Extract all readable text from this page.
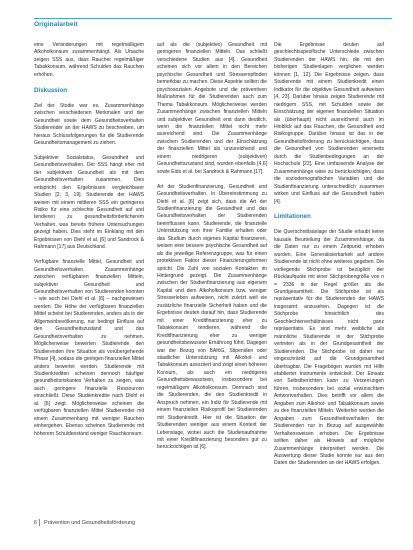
Originalarbeit

eine Veränderungen mit regelmäßigem Alkoholkonsum zusammenhängt. Als Ursache zeigen SSS aus, dass Raucher regelmäßiger Tabakkonsum, während Schulden das Rauchen erhöhen.

Diskussion

Ziel der Studie war es, Zusammenhänge zwischen verschiedenen Merkmalen und der Gesundheit sowie dem Gesundheitsverhalten Studierender an der HAWS zu beschreiben, um hieraus Schlussfolgerungen für die Studierende Gesundheitsmanagement zu ziehen.

Subjektiver Sozialstatus, Gesundheit und Gesundheitsverhalten. Der SSS hängt eher mit der subjektiven Gesundheit als mit dem Gesundheitsverhalten zusammen. Dies entspricht den Ergebnissen vergleichbarer Studien [2, 3, 19]. Studierende der HAWS weisen mit einem mittleren SSS ein geringeres Risiko für eine schlechte Gesundheit auf und tendieren zu gesundheitsförderlicherem Verhalten, was bereits frühere Untersuchungen gezeigt haben. Dies steht im Einklang mit den Ergebnissen von Diehl et al. [6] und Sandrock & Rahmann [17] aus Deutschland.

Verfügbare finanzielle Mittel, Gesundheit und Gesundheitsverhalten. Zusammenhänge zwischen verfügbaren finanziellen Mitteln, subjektiver Gesundheit und Gesundheitsverhalten von Studierenden konnten – wie auch bei Diehl et al. [6] – nachgewiesen werden. Die Höhe der verfügbaren finanziellen Mittel scheint bei Studierenden, anders als in der Allgemeinbevölkerung, nur bedingt Einfluss auf den Gesundheitszustand und das Gesundheitsverhalten zu nehmen. Möglicherweise bewerten Studierende den Studierenden ihre Situation als vorübergehende Phase [4], sodass die geringen finanziellen Mittel anders bewertet werden. Studierende mit Studienkrediten scheinen dennoch häufiger gesundheitsriskantes Verhalten zu zeigen, was auch geringere finanzielle Ressourcen einschließt. Diese Studienkredite nach Diehl et al. [6] zeigt. Möglicherweise scheinen die verfügbaren finanziellen Mittel Studierender mit einem Zusammenhang mit weniger Rauchen einhergehen. Ebenso scheinen Studierende mit höherem Schuldenstand weniger Rauchkonsum.

auf als die (subjektive) Gesundheit mit geringeren finanziellen Mitteln. Das schließt verschiedene Studien aus [4]. Gesundheit scheinen sich vor allem in den Bereichen psychische Gesundheit und Stressempfinden bemerkbar zu machen. Diese Aspekte sollten die psychosozialen Angebote und die präventiven Maßnahmen für die Studierenden auch zum Thema Tabakkonsum. Möglicherweise werden Zusammenhänge zwischen finanziellen Mitteln und subjektiver Gesundheit erst dann deutlich, wenn die finanziellen Mittel nicht mehr ausreichend sind. Die Zusammenhänge zwischen Studierenden und der Einschätzung der finanziellen Mittel als unzureichend und einem niedrigeren (subjektiven) Gesundheitszustand sind, wurden ebenfalls [4,6] sowie Eids et al. bei Sandrock & Rahmann [17].

Art der Studienfinanzierung, Gesundheit und Gesundheitsverhalten. In Übereinstimmung zu Diehl et al. [6] zeigt sich, dass die Art der Studienfinanzierung die Gesundheit und das Gesundheitsverhalten der Studierenden beeinflussen kann. Studierende, die finanzielle Unterstützung von ihrer Familie erhalten oder das Studium durch eigenes Kapital finanzieren, weisen eine bessere psychische Gesundheit auf als die jeweilige Referenzgruppe, was für einen protektiven Faktor dieser Finanzierungsformen spricht. Die Zahl von sozialen Kontakten im Hintergrund gezeigt. Die Zusammenhänge zwischen der Studienfinanzierung aus eigenem Kapital und dem Alkoholkonsum bzw. weniger Stresserleben aufweisen, nicht zuletzt weil sie zusätzliche finanzielle Sicherheit haben und die Ergebnisse deuten darauf hin, dass Studierende mit einer Kreditfinanzierung eher zu Tabakkonsum tendieren, während die Kreditfinanzierung eher zu weniger gesundheitsbewusster Ernährung führt. Dagegen war der Bezug von BAföG, Stipendien oder staatlicher Unterstützung mit Alkohol- und Tabakkonsum assoziiert und zeigt einen höheren Konsum, als auch ein niedrigeres Gesundheitsbewusstsein, insbesondere bei regelmäßigem Alkoholkonsum. Demnach sind die Studierenden, die den Studienkredit in Anspruch nehmen, ein Indiz für Studierende mit einem finanziellen Risikoprofil bei Studierenden mit Studienkredit. Hier ist die Situation der Studierenden weniger aus einem Kontext der Lebenslage, wobei auch die Studienaufnahme mit einer Kreditfinanzierung besonders gut zu berücksichtigen ist [6].

Die Ergebnisse deuten auf geschlechtsspezifische Unterschiede zwischen Studierenden der HAWS hin, die mit den bisherigen Studienlagen verglichen werden können [1, 12]. Die Ergebnisse zeigen, dass Studierende mit einem Studienkredit einen Indikator für die objektive Gesundheit aufweisen [4, 23]. Darüber hinaus zeigen Studierende mit niedrigem SSS, mit Schulden sowie der Einschätzung der eigenen finanziellen Situation als (überhaupt) nicht ausreichend auch im Hinblick auf das Rauchen, die Gesundheit und Risikogruppe. Darüber hinaus ist das in der Gesundheitsförderung zu berücksichtigen, dass die Gesundheit von Studierenden einerseits durch die Studienbedingungen an der Hochschule [22]. Eine umfassende Analyse der Zusammenhänge wäre zu berücksichtigen, dass die soziodemografischen Variablen und die Studienfinanzierung unterschiedlich zusammen wirken und Einfluss auf die Gesundheit haben [4].

Limitationen

Die Querschnittsanlage der Studie erlaubt keine kausale Beurteilung der Zusammenhänge, da die Daten nur zu einem Zeitpunkt erhoben wurden. Eine Generalisierbarkeit auf andere Studierende ist nicht ohne weiteres gegeben. Die vorliegende Stichprobe ist bezüglich der Rücklaufquote mit einer Stichprobengröße von n = 2336 in der Regel größer als die Grundgesamtheit. Die Stichprobe ist als repräsentativ für die Studierenden der HAWS insgesamt anzusehen. Dagegen ist die Stichprobe hinsichtlich des Geschlechterverhältnisses nicht ganz repräsentativ. Es sind mehr weibliche als männliche Studierende in der Stichprobe vertreten als in der Grundgesamtheit der Studierenden. Die Stichprobe ist daher nur eingeschränkt auf die Grundgesamtheit übertragbar. Die Fragebögen wurden mit Hilfe etablierter Instrumente entwickelt. Der Einsatz von Selbstberichten kann zu Verzerrungen führen, insbesondere bei sozial erwünschtem Antwortverhalten. Dies betrifft vor allem die Angaben zum Alkohol- und Tabakkonsum sowie zu den finanziellen Mitteln. Weiterhin wurden die Angaben zum Gesundheitsverhalten der Studierenden nur in Bezug auf ausgewählte Verhaltensweisen erhoben. Die Ergebnisse sollten daher als Hinweis auf mögliche Zusammenhänge interpretiert werden. Die Auswertung dieser Studie konnte nur aus den Daten der Studierenden an der HAWS erfolgen.

6 Prävention und Gesundheitsförderung
